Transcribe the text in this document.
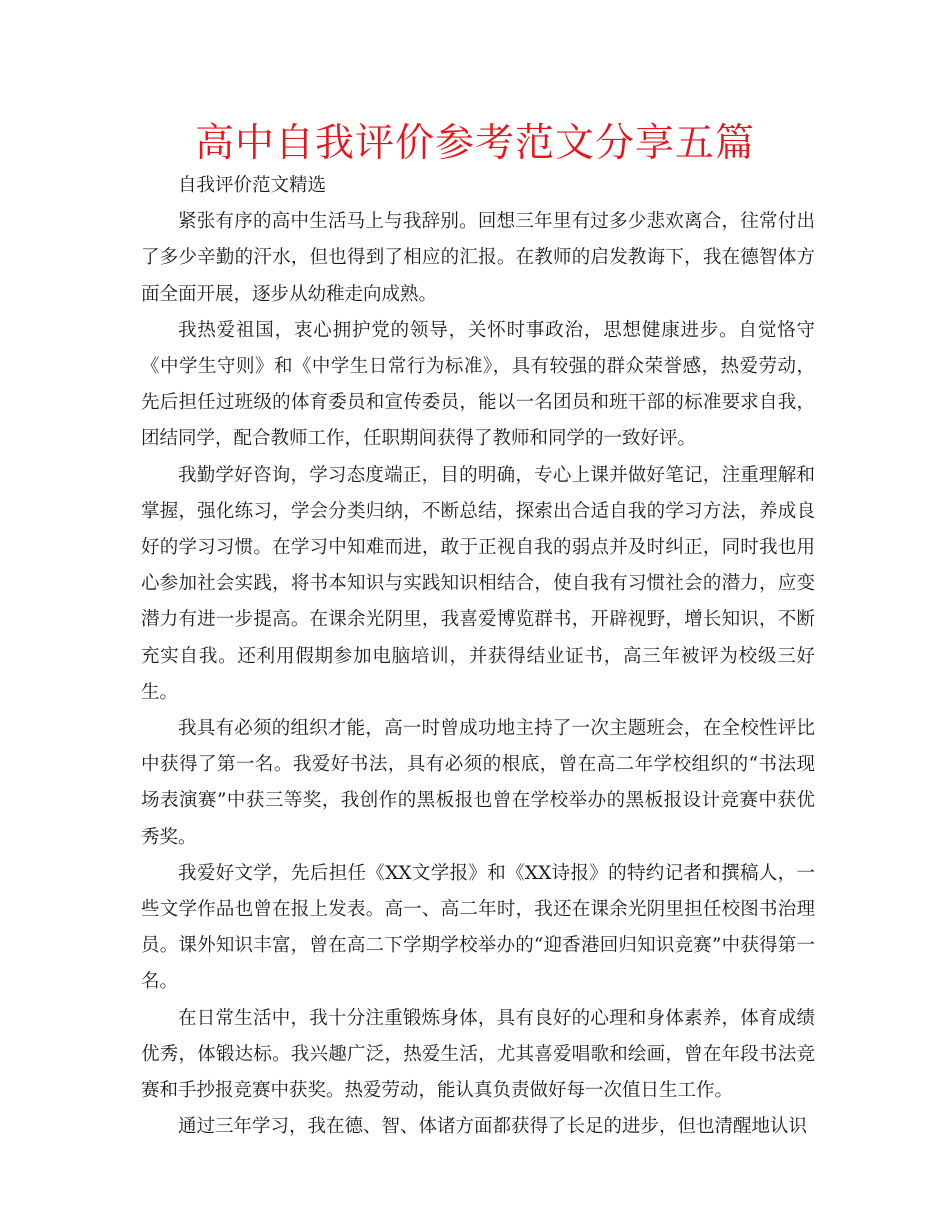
高中自我评价参考范文分享五篇

自我评价范文精选

紧张有序的高中生活马上与我辞别。回想三年里有过多少悲欢离合，往常付出了多少辛勤的汗水，但也得到了相应的汇报。在教师的启发教诲下，我在德智体方面全面开展，逐步从幼稚走向成熟。

我热爱祖国，衷心拥护党的领导，关怀时事政治，思想健康进步。自觉恪守《中学生守则》和《中学生日常行为标准》，具有较强的群众荣誉感，热爱劳动，先后担任过班级的体育委员和宣传委员，能以一名团员和班干部的标准要求自我，团结同学，配合教师工作，任职期间获得了教师和同学的一致好评。

我勤学好咨询，学习态度端正，目的明确，专心上课并做好笔记，注重理解和掌握，强化练习，学会分类归纳，不断总结，探索出合适自我的学习方法，养成良好的学习习惯。在学习中知难而进，敢于正视自我的弱点并及时纠正，同时我也用心参加社会实践，将书本知识与实践知识相结合，使自我有习惯社会的潜力，应变潜力有进一步提高。在课余光阴里，我喜爱博览群书，开辟视野，增长知识，不断充实自我。还利用假期参加电脑培训，并获得结业证书，高三年被评为校级三好生。

我具有必须的组织才能，高一时曾成功地主持了一次主题班会，在全校性评比中获得了第一名。我爱好书法，具有必须的根底，曾在高二年学校组织的“书法现场表演赛”中获三等奖，我创作的黑板报也曾在学校举办的黑板报设计竞赛中获优秀奖。

我爱好文学，先后担任《XX文学报》和《XX诗报》的特约记者和撰稿人，一些文学作品也曾在报上发表。高一、高二年时，我还在课余光阴里担任校图书治理员。课外知识丰富，曾在高二下学期学校举办的“迎香港回归知识竞赛”中获得第一名。

在日常生活中，我十分注重锻炼身体，具有良好的心理和身体素养，体育成绩优秀，体锻达标。我兴趣广泛，热爱生活，尤其喜爱唱歌和绘画，曾在年段书法竞赛和手抄报竞赛中获奖。热爱劳动，能认真负责做好每一次值日生工作。

通过三年学习，我在德、智、体诸方面都获得了长足的进步，但也清醒地认识
